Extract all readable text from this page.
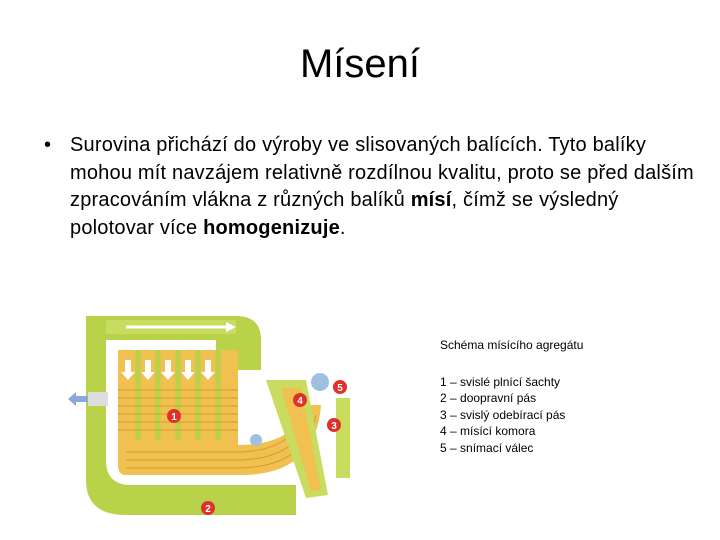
Mísení
• Surovina přichází do výroby ve slisovaných balících. Tyto balíky mohou mít navzájem relativně rozdílnou kvalitu, proto se před dalším zpracováním vlákna z různých balíků mísí, čímž se výsledný polotovar více homogenizuje.
1
2
3
4
5
Schéma mísícího agregátu
1 – svislé plnící šachty
2 – doopravní pás
3 – svislý odebírací pás
4 – mísící komora
5 – snímací válec
